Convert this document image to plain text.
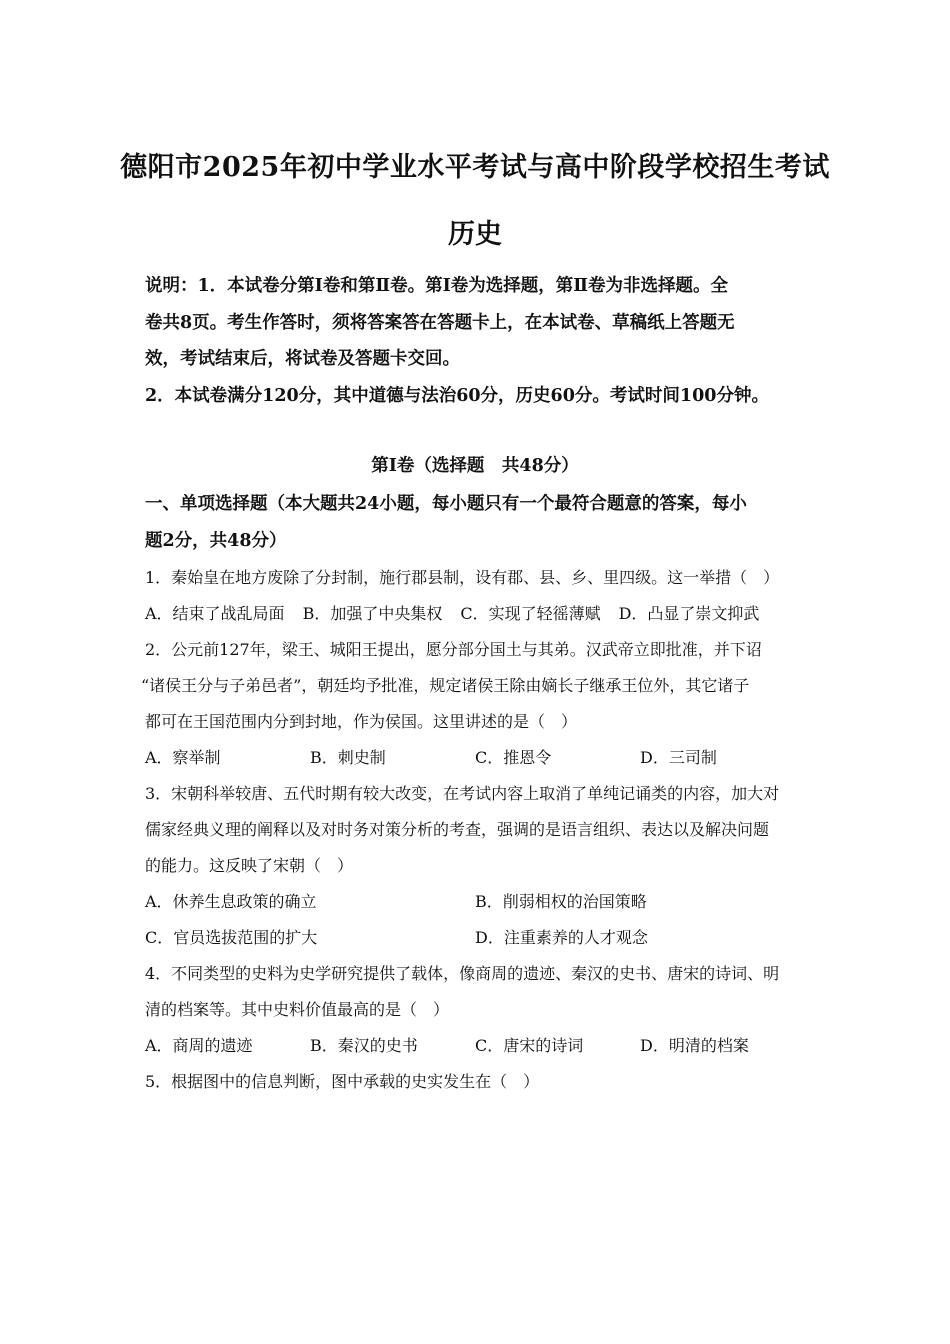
德阳市2025年初中学业水平考试与高中阶段学校招生考试
历史

说明：1．本试卷分第Ⅰ卷和第Ⅱ卷。第Ⅰ卷为选择题，第Ⅱ卷为非选择题。全

卷共8页。考生作答时，须将答案答在答题卡上，在本试卷、草稿纸上答题无

效，考试结束后，将试卷及答题卡交回。

2．本试卷满分120分，其中道德与法治60分，历史60分。考试时间100分钟。

第Ⅰ卷（选择题　共48分）

一、单项选择题（本大题共24小题，每小题只有一个最符合题意的答案，每小

题2分，共48分）

1．秦始皇在地方废除了分封制，施行郡县制，设有郡、县、乡、里四级。这一举措（　）

A．结束了战乱局面 B．加强了中央集权 C．实现了轻徭薄赋 D．凸显了崇文抑武

2．公元前127年，梁王、城阳王提出，愿分部分国土与其弟。汉武帝立即批准，并下诏

“诸侯王分与子弟邑者”，朝廷均予批准，规定诸侯王除由嫡长子继承王位外，其它诸子

都可在王国范围内分到封地，作为侯国。这里讲述的是（　）

A．察举制	B．刺史制	C．推恩令	D．三司制

3．宋朝科举较唐、五代时期有较大改变，在考试内容上取消了单纯记诵类的内容，加大对

儒家经典义理的阐释以及对时务对策分析的考查，强调的是语言组织、表达以及解决问题

的能力。这反映了宋朝（　）

A．休养生息政策的确立	B．削弱相权的治国策略
C．官员选拔范围的扩大	D．注重素养的人才观念

4．不同类型的史料为史学研究提供了载体，像商周的遗迹、秦汉的史书、唐宋的诗词、明

清的档案等。其中史料价值最高的是（　）

A．商周的遗迹	B．秦汉的史书	C．唐宋的诗词	D．明清的档案

5．根据图中的信息判断，图中承载的史实发生在（　）
